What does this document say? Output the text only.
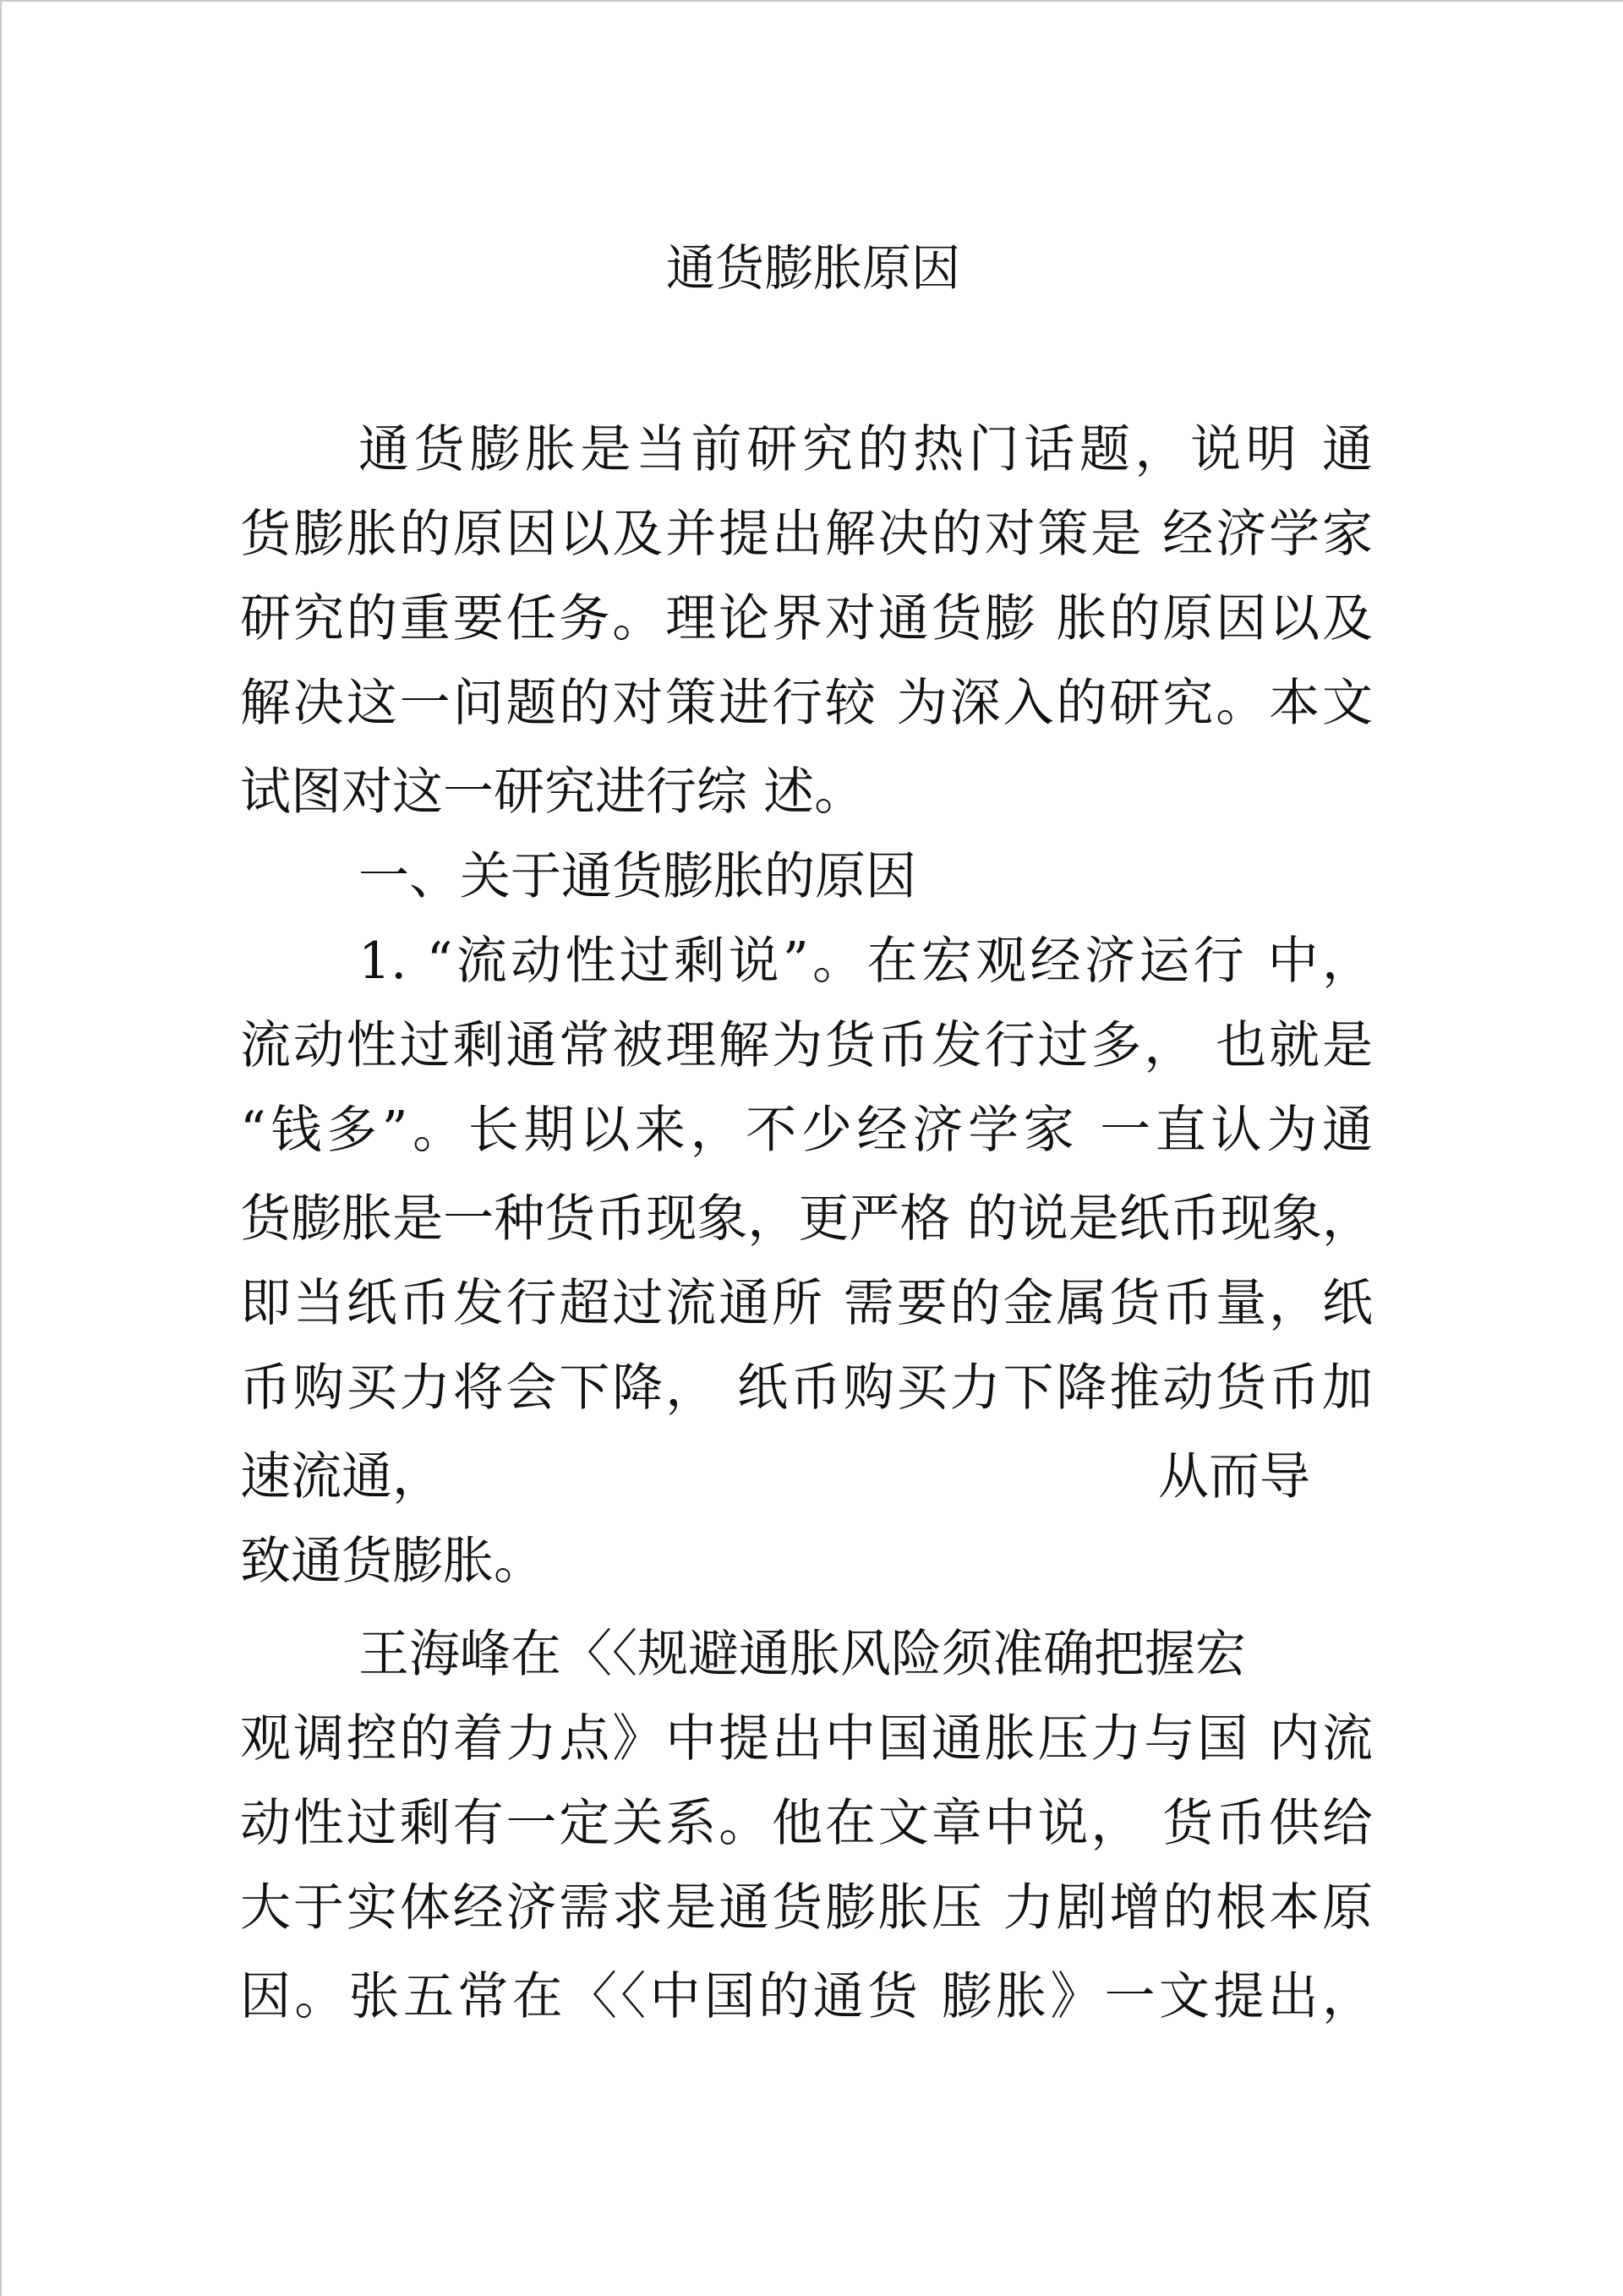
通货膨胀原因
通货膨胀是当前研究的热门话题，说明 通
货膨胀的原因以及并提出解决的对策是 经济学家
研究的重要任务。理论界对通货膨 胀的原因以及
解决这一问题的对策进行较 为深入的研究。本文
试图对这一研究进行综 述。
一、关于通货膨胀的原因
1. “流动性过剩说”。在宏观经济运行 中，
流动性过剩通常被理解为货币发行过多， 也就是
“钱多”。长期以来，不少经济学家 一直认为通
货膨胀是一种货币现象，更严格 的说是纸币现象，
即当纸币发行超过流通所 需要的金属货币量，纸
币购买力将会下降， 纸币购买力下降推动货币加
速流通，	从而导
致通货膨胀。
王海峰在〈〈规避通胀风险须准确把握宏
观调控的着力点》中提出中国通胀压力与国 内流
动性过剩有一定关系。他在文章中说， 货币供给
大于实体经济需求是通货膨胀压 力剧增的根本原
因。张五常在〈〈中国的通货 膨胀》一文提出，
